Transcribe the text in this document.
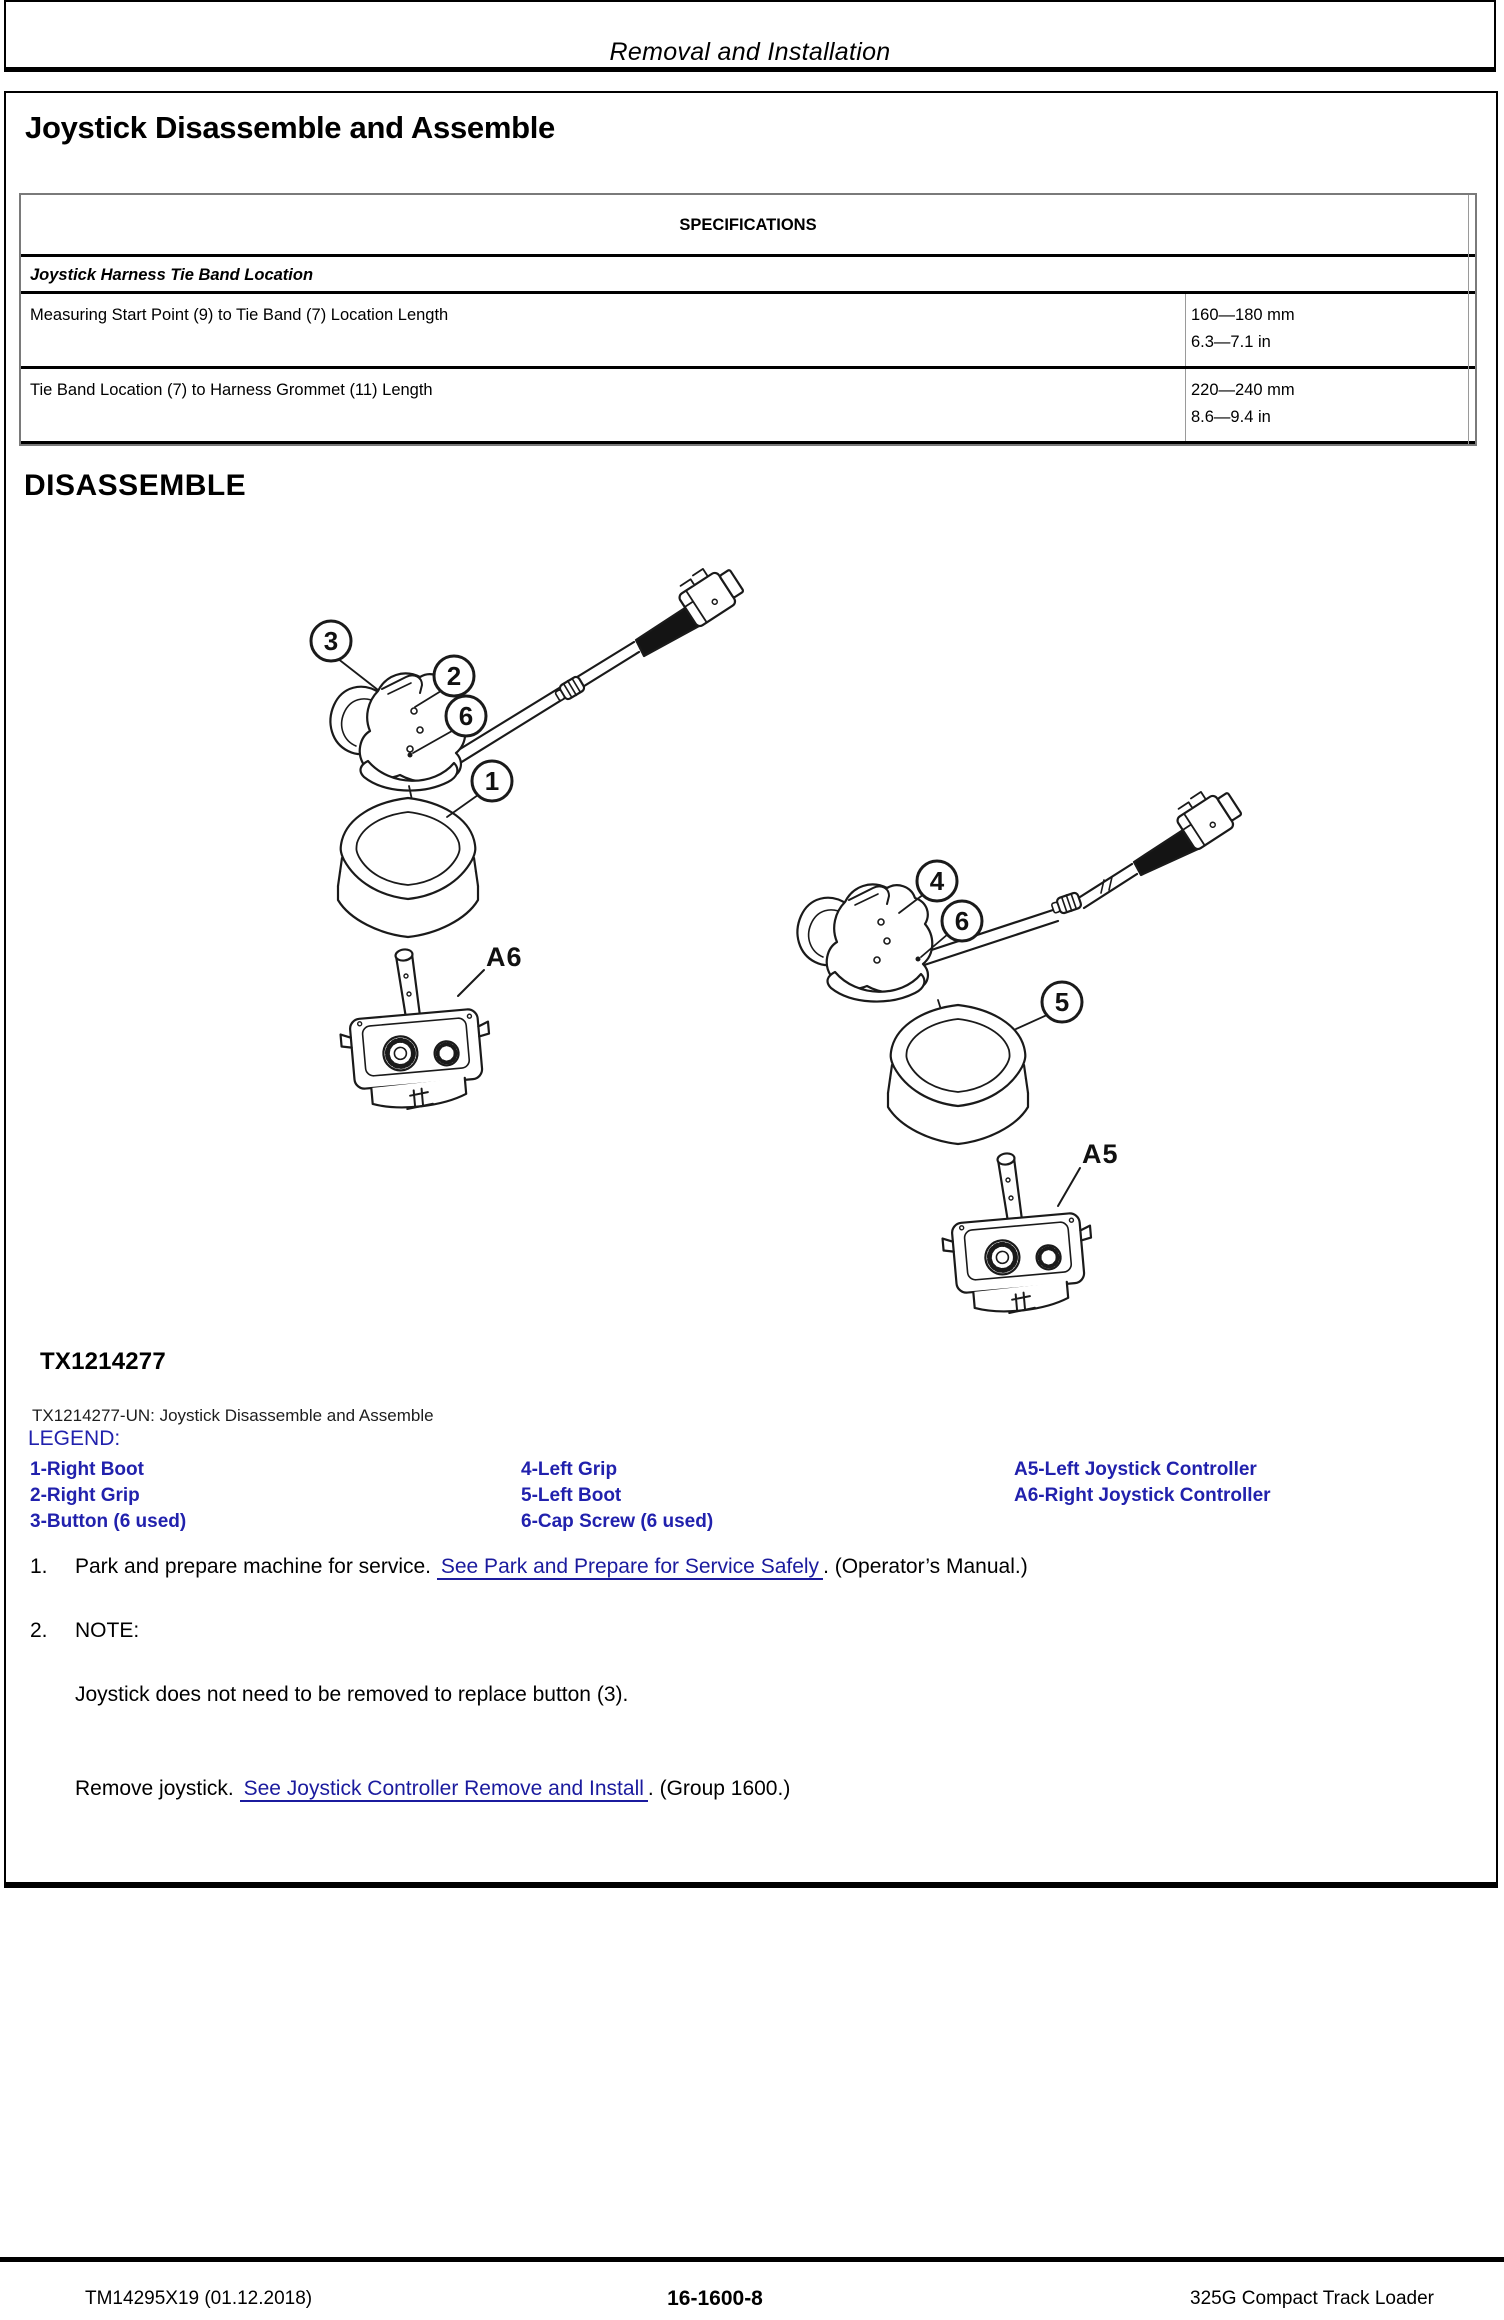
Removal and Installation
Joystick Disassemble and Assemble
SPECIFICATIONS
Joystick Harness Tie Band Location
Measuring Start Point (9) to Tie Band (7) Location Length	160—180 mm
6.3—7.1 in
Tie Band Location (7) to Harness Grommet (11) Length	220—240 mm
8.6—9.4 in
DISASSEMBLE
3
2
6
1
A6
4
6
5
A5
TX1214277
TX1214277-UN: Joystick Disassemble and Assemble
LEGEND:
1-Right Boot	4-Left Grip	A5-Left Joystick Controller
2-Right Grip	5-Left Boot	A6-Right Joystick Controller
3-Button (6 used)	6-Cap Screw (6 used)
1.	Park and prepare machine for service. See Park and Prepare for Service Safely . (Operator’s Manual.)
2.	NOTE:
Joystick does not need to be removed to replace button (3).
Remove joystick. See Joystick Controller Remove and Install . (Group 1600.)
TM14295X19 (01.12.2018)	16-1600-8	325G Compact Track Loader
